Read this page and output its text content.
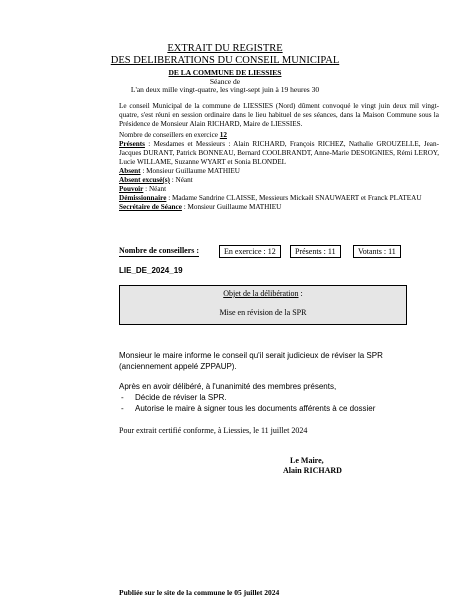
EXTRAIT DU REGISTRE
DES DELIBERATIONS DU CONSEIL MUNICIPAL
DE LA COMMUNE DE LIESSIES
Séance de
L'an deux mille vingt-quatre, les vingt-sept juin à 19 heures 30
Le conseil Municipal de la commune de LIESSIES (Nord) dûment convoqué le vingt juin deux mil vingt-quatre, s'est réuni en session ordinaire dans le lieu habituel de ses séances, dans la Maison Commune sous la Présidence de Monsieur Alain RICHARD, Maire de LIESSIES.
Nombre de conseillers en exercice 12
Présents : Mesdames et Messieurs : Alain RICHARD, François RICHEZ, Nathalie GROUZELLE, Jean-Jacques DURANT, Patrick BONNEAU, Bernard COOLBRANDT, Anne-Marie DESOIGNIES, Rémi LEROY, Lucie WILLAME, Suzanne WYART et Sonia BLONDEL
Absent : Monsieur Guillaume MATHIEU
Absent excusé(s) : Néant
Pouvoir : Néant
Démissionnaire : Madame Sandrine CLAISSE, Messieurs Mickaël SNAUWAERT et Franck PLATEAU
Secrétaire de Séance : Monsieur Guillaume MATHIEU
Nombre de conseillers :	En exercice : 12	Présents : 11	Votants : 11
LIE_DE_2024_19
Objet de la délibération :
Mise en révision de la SPR
Monsieur le maire informe le conseil qu'il serait judicieux de réviser la SPR (anciennement appelé ZPPAUP).
Après en avoir délibéré, à l'unanimité des membres présents,
- Décide de réviser la SPR.
- Autorise le maire à signer tous les documents afférents à ce dossier
Pour extrait certifié conforme, à Liessies, le 11 juillet 2024
Le Maire,
Alain RICHARD
Publiée sur le site de la commune le 05 juillet 2024
